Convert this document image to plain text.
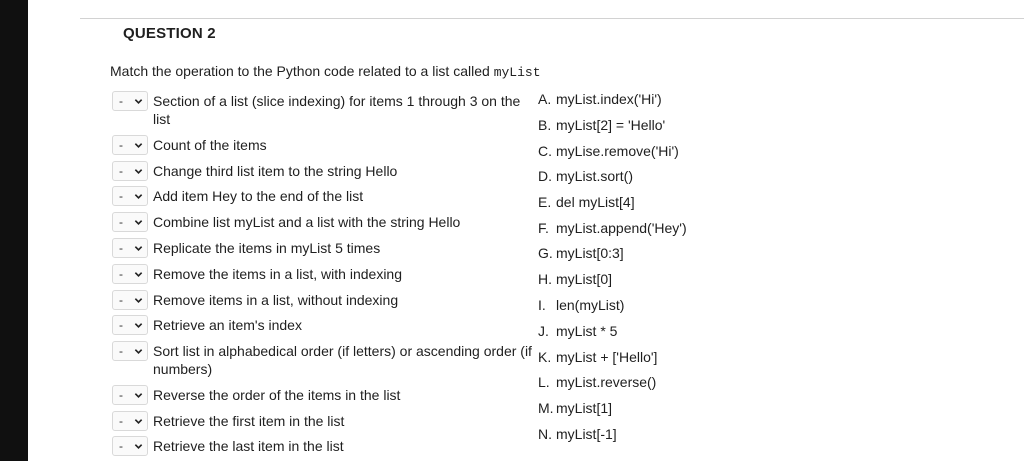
QUESTION 2
Match the operation to the Python code related to a list called myList
- Section of a list (slice indexing) for items 1 through 3 on the list
- Count of the items
- Change third list item to the string Hello
- Add item Hey to the end of the list
- Combine list myList and a list with the string Hello
- Replicate the items in myList 5 times
- Remove the items in a list, with indexing
- Remove items in a list, without indexing
- Retrieve an item's index
- Sort list in alphabedical order (if letters) or ascending order (if numbers)
- Reverse the order of the items in the list
- Retrieve the first item in the list
- Retrieve the last item in the list
A. myList.index('Hi')
B. myList[2] = 'Hello'
C. myLise.remove('Hi')
D. myList.sort()
E. del myList[4]
F. myList.append('Hey')
G. myList[0:3]
H. myList[0]
I. len(myList)
J. myList * 5
K. myList + ['Hello']
L. myList.reverse()
M. myList[1]
N. myList[-1]
